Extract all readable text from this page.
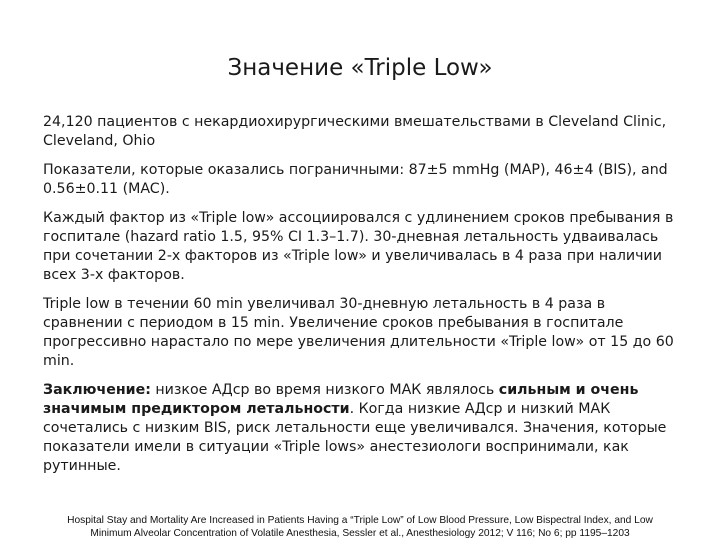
Значение «Triple Low»

24,120 пациентов с некардиохирургическими вмешательствами в Cleveland Clinic, Cleveland, Ohio

Показатели, которые оказались пограничными: 87±5 mmHg (MAP), 46±4 (BIS), and 0.56±0.11 (MAC).

Каждый фактор из «Triple low» ассоциировался с удлинением сроков пребывания в госпитале (hazard ratio 1.5, 95% CI 1.3–1.7). 30-дневная летальность удваивалась при сочетании 2-х факторов из «Triple low» и увеличивалась в 4 раза при наличии всех 3-х факторов.

Triple low в течении 60 min увеличивал 30-дневную летальность в 4 раза в сравнении с периодом в 15 min. Увеличение сроков пребывания в госпитале прогрессивно нарастало по мере увеличения длительности «Triple low» от 15 до 60 min.

Заключение: низкое АДср во время низкого МАК являлось сильным и очень значимым предиктором летальности. Когда низкие АДср и низкий МАК сочетались с низким BIS, риск летальности еще увеличивался. Значения, которые показатели имели в ситуации «Triple lows» анестезиологи воспринимали, как рутинные.

Hospital Stay and Mortality Are Increased in Patients Having a “Triple Low” of Low Blood Pressure, Low Bispectral Index, and Low
Minimum Alveolar Concentration of Volatile Anesthesia, Sessler et al., Anesthesiology 2012; V 116; No 6; pp 1195–1203
